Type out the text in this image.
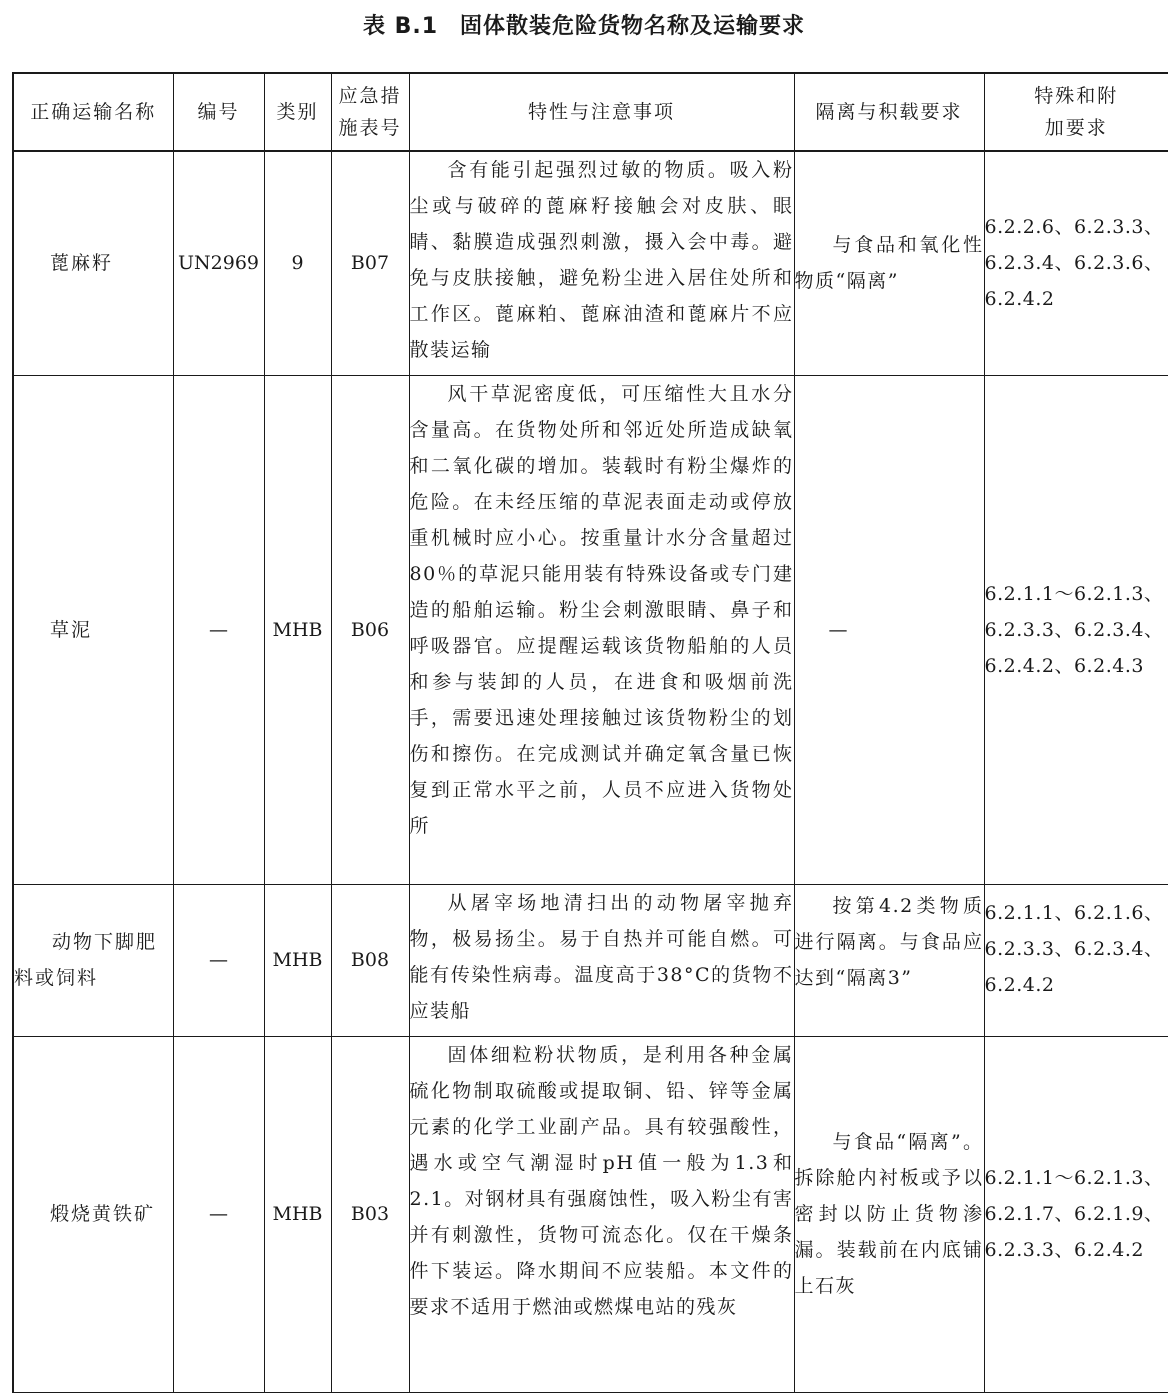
表 B.1 固体散装危险货物名称及运输要求
正确运输名称	编号	类别	应急措施表号	特性与注意事项	隔离与积载要求	特殊和附加要求
蓖麻籽	UN2969	9	B07	含有能引起强烈过敏的物质。吸入粉尘或与破碎的蓖麻籽接触会对皮肤、眼睛、黏膜造成强烈刺激，摄入会中毒。避免与皮肤接触，避免粉尘进入居住处所和工作区。蓖麻粕、蓖麻油渣和蓖麻片不应散装运输	与食品和氧化性物质“隔离”	6.2.2.6、6.2.3.3、6.2.3.4、6.2.3.6、6.2.4.2
草泥	—	MHB	B06	风干草泥密度低，可压缩性大且水分含量高。在货物处所和邻近处所造成缺氧和二氧化碳的增加。装载时有粉尘爆炸的危险。在未经压缩的草泥表面走动或停放重机械时应小心。按重量计水分含量超过80％的草泥只能用装有特殊设备或专门建造的船舶运输。粉尘会刺激眼睛、鼻子和呼吸器官。应提醒运载该货物船舶的人员和参与装卸的人员，在进食和吸烟前洗手，需要迅速处理接触过该货物粉尘的划伤和擦伤。在完成测试并确定氧含量已恢复到正常水平之前，人员不应进入货物处所	—	6.2.1.1～6.2.1.3、6.2.3.3、6.2.3.4、6.2.4.2、6.2.4.3
动物下脚肥料或饲料	—	MHB	B08	从屠宰场地清扫出的动物屠宰抛弃物，极易扬尘。易于自热并可能自燃。可能有传染性病毒。温度高于38°C的货物不应装船	按第4.2类物质进行隔离。与食品应达到“隔离3”	6.2.1.1、6.2.1.6、6.2.3.3、6.2.3.4、6.2.4.2
煅烧黄铁矿	—	MHB	B03	固体细粒粉状物质，是利用各种金属硫化物制取硫酸或提取铜、铅、锌等金属元素的化学工业副产品。具有较强酸性，遇水或空气潮湿时pH值一般为1.3和2.1。对钢材具有强腐蚀性，吸入粉尘有害并有刺激性，货物可流态化。仅在干燥条件下装运。降水期间不应装船。本文件的要求不适用于燃油或燃煤电站的残灰	与食品“隔离”。拆除舱内衬板或予以密封以防止货物渗漏。装载前在内底铺上石灰	6.2.1.1～6.2.1.3、6.2.1.7、6.2.1.9、6.2.3.3、6.2.4.2
